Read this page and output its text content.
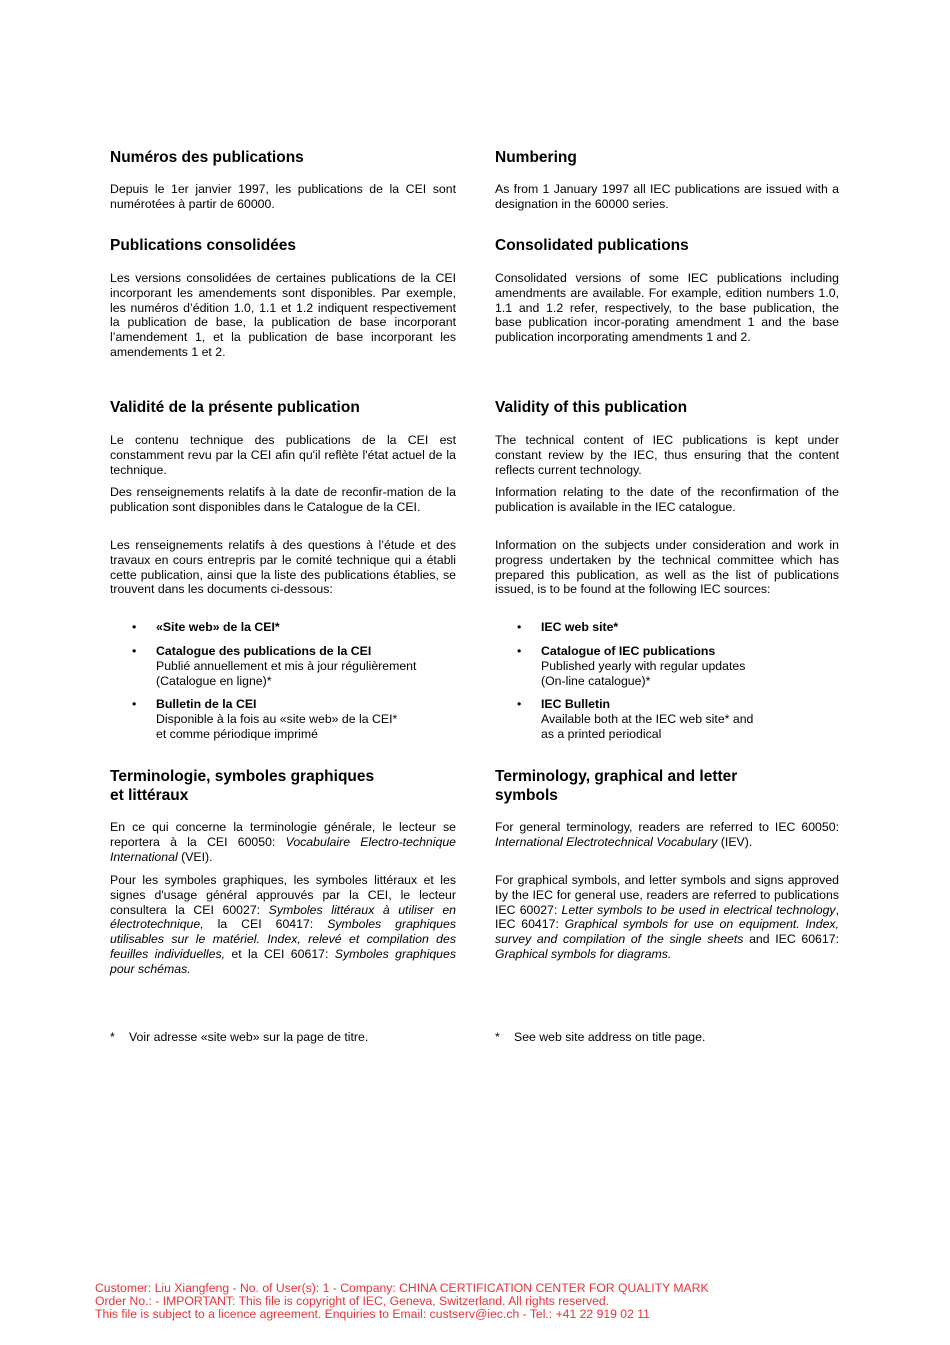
Numéros des publications

Depuis le 1er janvier 1997, les publications de la CEI sont numérotées à partir de 60000.

Publications consolidées

Les versions consolidées de certaines publications de la CEI incorporant les amendements sont disponibles. Par exemple, les numéros d’édition 1.0, 1.1 et 1.2 indiquent respectivement la publication de base, la publication de base incorporant l’amendement 1, et la publication de base incorporant les amendements 1 et 2.

Validité de la présente publication

Le contenu technique des publications de la CEI est constamment revu par la CEI afin qu'il reflète l'état actuel de la technique.

Des renseignements relatifs à la date de reconfir-mation de la publication sont disponibles dans le Catalogue de la CEI.

Les renseignements relatifs à des questions à l’étude et des travaux en cours entrepris par le comité technique qui a établi cette publication, ainsi que la liste des publications établies, se trouvent dans les documents ci-dessous:

• «Site web» de la CEI*
• Catalogue des publications de la CEI
Publié annuellement et mis à jour régulièrement
(Catalogue en ligne)*
• Bulletin de la CEI
Disponible à la fois au «site web» de la CEI*
et comme périodique imprimé
Terminologie, symboles graphiques
et littéraux

En ce qui concerne la terminologie générale, le lecteur se reportera à la CEI 60050: Vocabulaire Electro-technique International (VEI).

Pour les symboles graphiques, les symboles littéraux et les signes d'usage général approuvés par la CEI, le lecteur consultera la CEI 60027: Symboles littéraux à utiliser en électrotechnique, la CEI 60417: Symboles graphiques utilisables sur le matériel. Index, relevé et compilation des feuilles individuelles, et la CEI 60617: Symboles graphiques pour schémas.

* Voir adresse «site web» sur la page de titre.
Numbering

As from 1 January 1997 all IEC publications are issued with a designation in the 60000 series.

Consolidated publications

Consolidated versions of some IEC publications including amendments are available. For example, edition numbers 1.0, 1.1 and 1.2 refer, respectively, to the base publication, the base publication incor-porating amendment 1 and the base publication incorporating amendments 1 and 2.

Validity of this publication

The technical content of IEC publications is kept under constant review by the IEC, thus ensuring that the content reflects current technology.

Information relating to the date of the reconfirmation of the publication is available in the IEC catalogue.

Information on the subjects under consideration and work in progress undertaken by the technical committee which has prepared this publication, as well as the list of publications issued, is to be found at the following IEC sources:

• IEC web site*
• Catalogue of IEC publications
Published yearly with regular updates
(On-line catalogue)*
• IEC Bulletin
Available both at the IEC web site* and
as a printed periodical
Terminology, graphical and letter
symbols

For general terminology, readers are referred to IEC 60050: International Electrotechnical Vocabulary (IEV).

For graphical symbols, and letter symbols and signs approved by the IEC for general use, readers are referred to publications IEC 60027: Letter symbols to be used in electrical technology, IEC 60417: Graphical symbols for use on equipment. Index, survey and compilation of the single sheets and IEC 60617: Graphical symbols for diagrams.

* See web site address on title page.
Customer: Liu Xiangfeng - No. of User(s): 1 - Company: CHINA CERTIFICATION CENTER FOR QUALITY MARK
Order No.: - IMPORTANT: This file is copyright of IEC, Geneva, Switzerland. All rights reserved.
This file is subject to a licence agreement. Enquiries to Email: custserv@iec.ch - Tel.: +41 22 919 02 11
